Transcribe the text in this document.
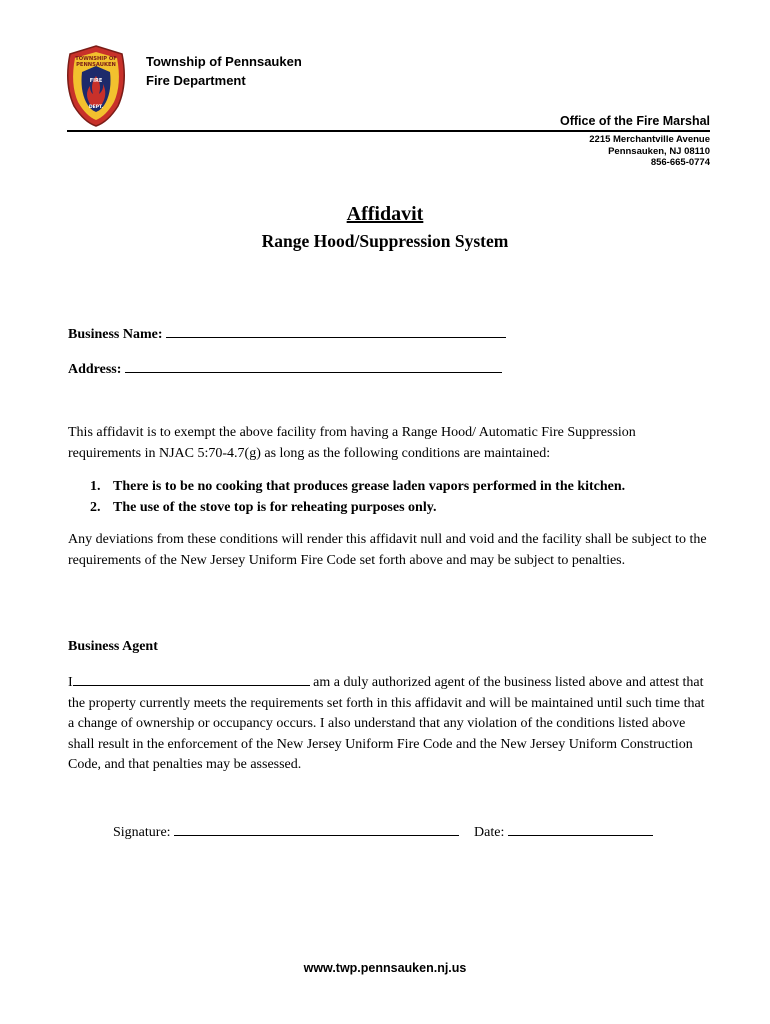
TOWNSHIP OF
PENNSAUKEN
FIRE
DEPT.
Township of Pennsauken
Fire Department
Office of the Fire Marshal
2215 Merchantville Avenue
Pennsauken, NJ 08110
856-665-0774
Affidavit
Range Hood/Suppression System
Business Name:
Address:
This affidavit is to exempt the above facility from having a Range Hood/ Automatic Fire Suppression requirements in NJAC 5:70-4.7(g) as long as the following conditions are maintained:
1. There is to be no cooking that produces grease laden vapors performed in the kitchen.
2. The use of the stove top is for reheating purposes only.
Any deviations from these conditions will render this affidavit null and void and the facility shall be subject to the requirements of the New Jersey Uniform Fire Code set forth above and may be subject to penalties.
Business Agent
I	am a duly authorized agent of the business listed above and attest that the property currently meets the requirements set forth in this affidavit and will be maintained until such time that a change of ownership or occupancy occurs. I also understand that any violation of the conditions listed above shall result in the enforcement of the New Jersey Uniform Fire Code and the New Jersey Uniform Construction Code, and that penalties may be assessed.
Signature:	Date:
www.twp.pennsauken.nj.us
